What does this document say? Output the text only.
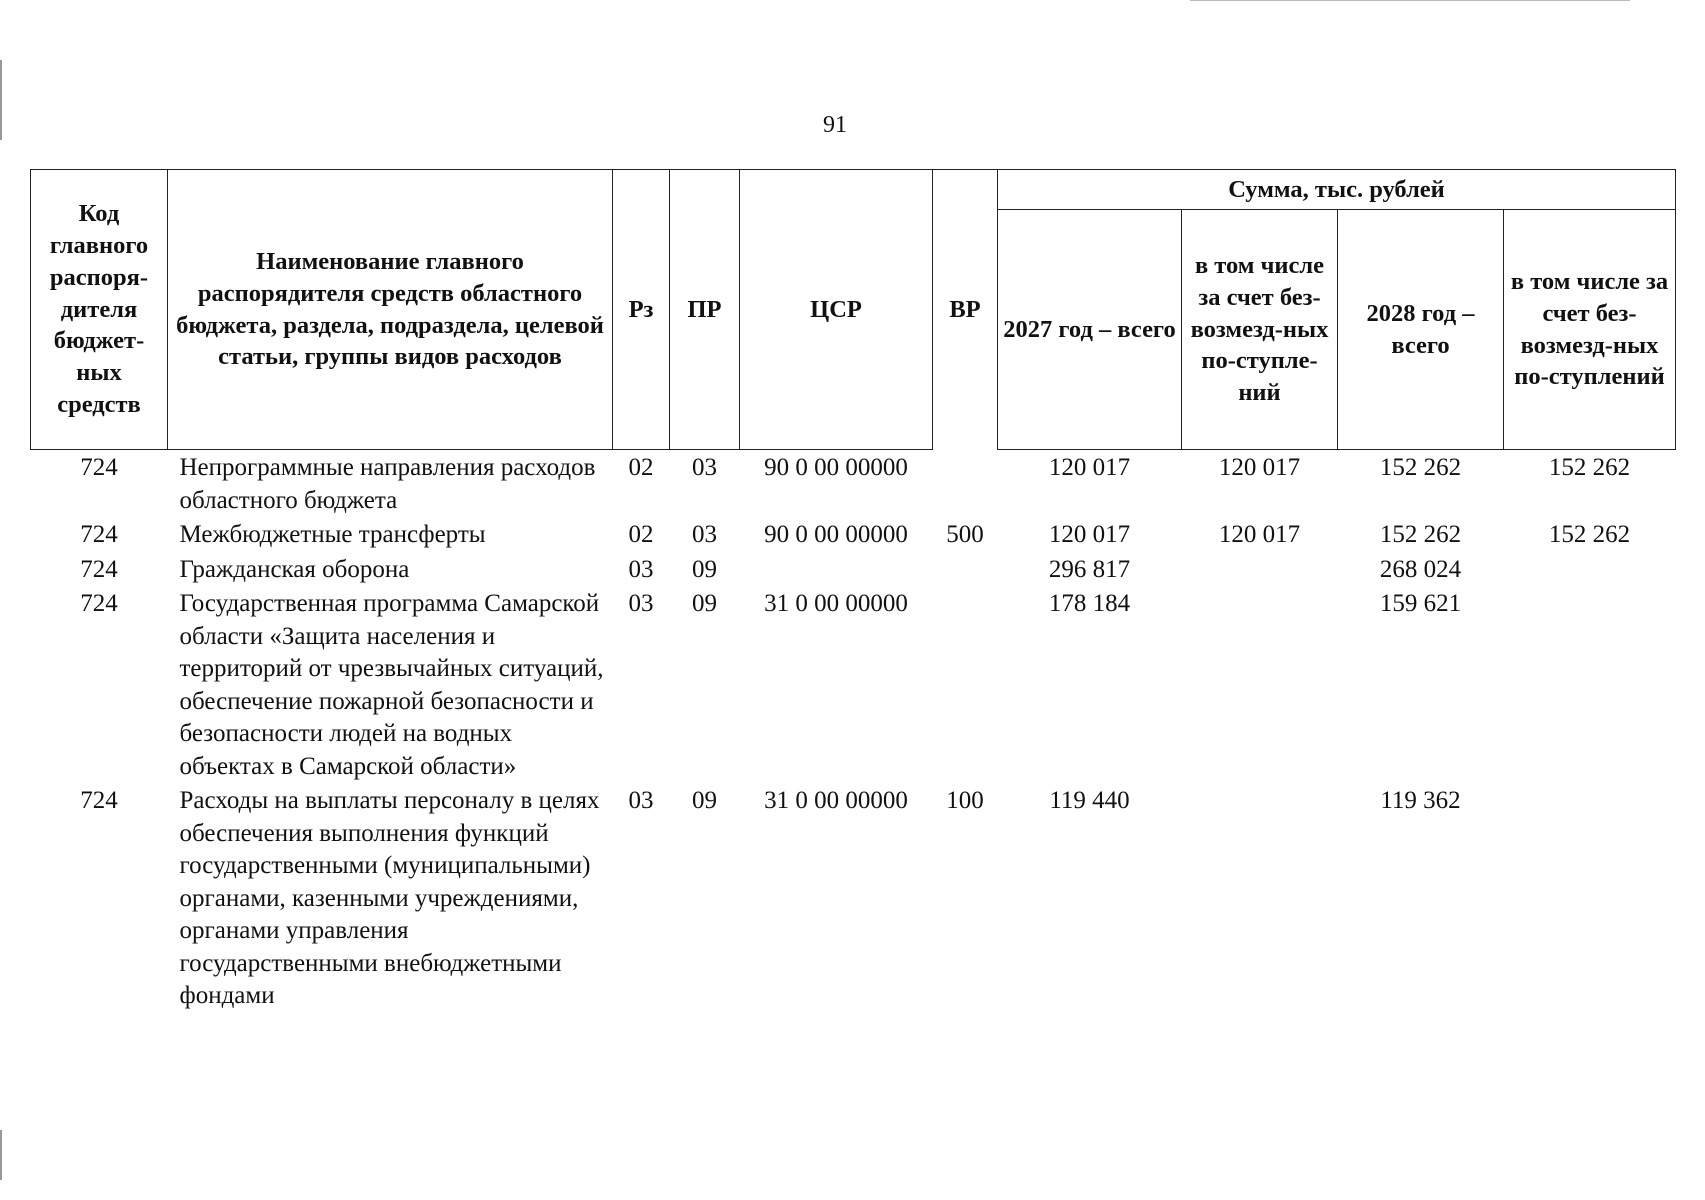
91
Код главного распоря-дителя бюджет-ных средств	Наименование главного распорядителя средств областного бюджета, раздела, подраздела, целевой статьи, группы видов расходов	Рз	ПР	ЦСР	ВР	Сумма, тыс. рублей			
						2027 год – всего	в том числе за счет без-возмезд-ных по-ступле-ний	2028 год – всего	в том числе за счет без-возмезд-ных по-ступлений
724	Непрограммные направления расходов областного бюджета	02	03	90 0 00 00000		120 017	120 017	152 262	152 262
724	Межбюджетные трансферты	02	03	90 0 00 00000	500	120 017	120 017	152 262	152 262
724	Гражданская оборона	03	09			296 817		268 024	
724	Государственная программа Самарской области «Защита населения и территорий от чрезвычайных ситуаций, обеспечение пожарной безопасности и безопасности людей на водных объектах в Самарской области»	03	09	31 0 00 00000		178 184		159 621	
724	Расходы на выплаты персоналу в целях обеспечения выполнения функций государственными (муниципальными) органами, казенными учреждениями, органами управления государственными внебюджетными фондами	03	09	31 0 00 00000	100	119 440		119 362	
